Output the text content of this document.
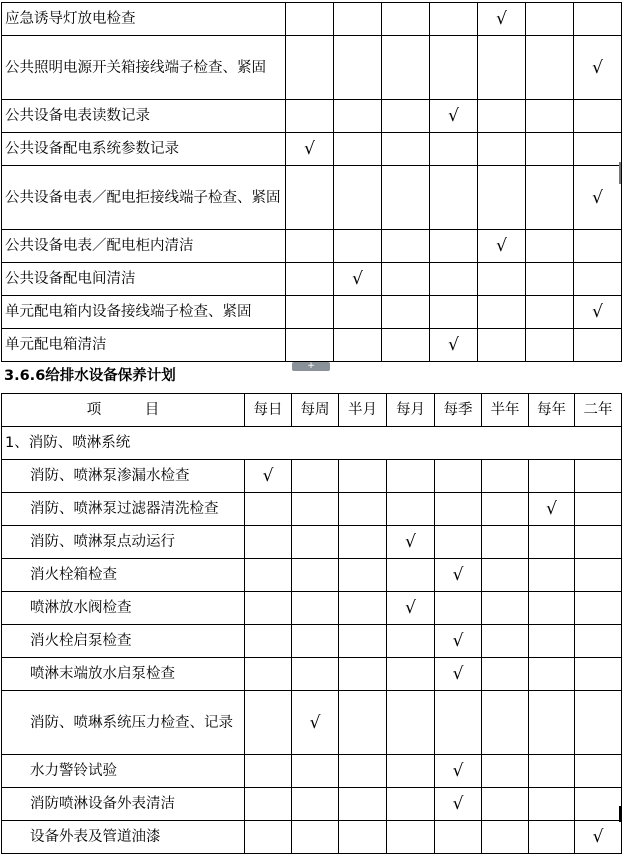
应急诱导灯放电检查					√		
公共照明电源开关箱接线端子检查、紧固							√
公共设备电表读数记录				√			
公共设备配电系统参数记录	√						
公共设备电表／配电拒接线端子检查、紧固							√
公共设备电表／配电柜内清洁					√		
公共设备配电间清洁		√					
单元配电箱内设备接线端子检查、紧固							√
单元配电箱清洁				√			
+
3.6.6给排水设备保养计划
项　　　目	每日	每周	半月	每月	每季	半年	每年	二年
1、消防、喷淋系统								
消防、喷淋泵渗漏水检查	√							
消防、喷淋泵过滤器清洗检查							√	
消防、喷淋泵点动运行				√				
消火栓箱检查					√			
喷淋放水阀检查				√				
消火栓启泵检查					√			
喷淋末端放水启泵检查					√			
消防、喷琳系统压力检查、记录		√						
水力警铃试验					√			
消防喷淋设备外表清洁					√			
设备外表及管道油漆								√
